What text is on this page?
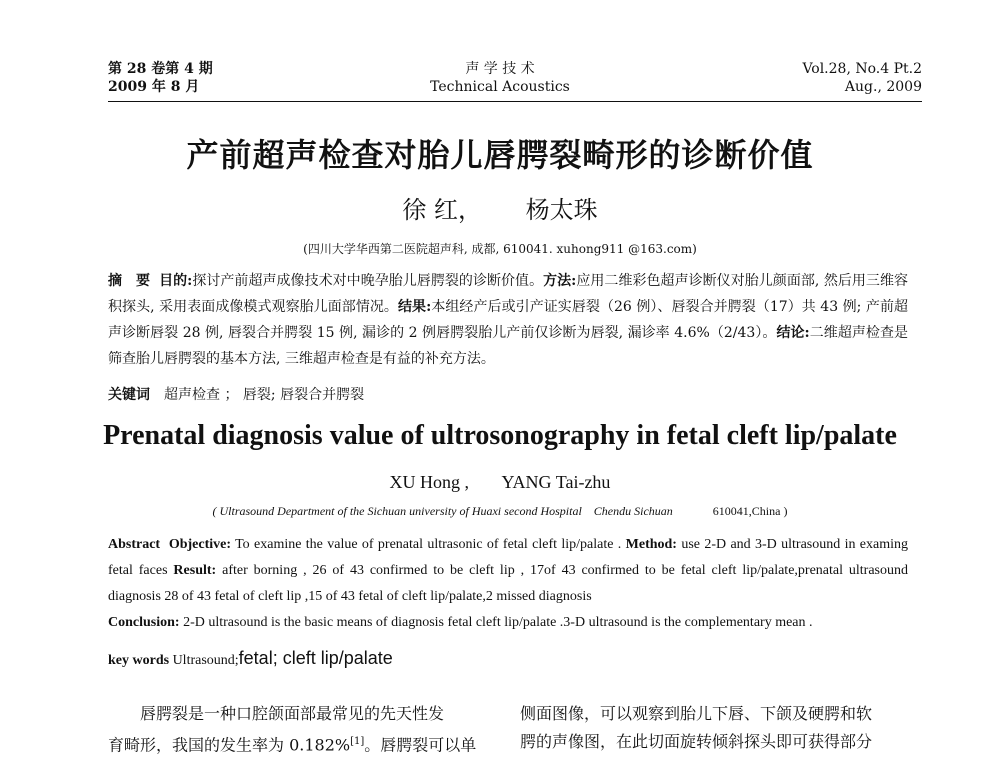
第 28 卷第 4 期
2009 年 8 月
声 学 技 术
Technical Acoustics
Vol.28, No.4 Pt.2
Aug., 2009
产前超声检查对胎儿唇腭裂畸形的诊断价值
徐 红， 杨太珠
(四川大学华西第二医院超声科, 成都, 610041. xuhong911 @163.com)
摘　要 目的:探讨产前超声成像技术对中晚孕胎儿唇腭裂的诊断价值。方法:应用二维彩色超声诊断仪对胎儿颜面部, 然后用三维容积探头, 采用表面成像模式观察胎儿面部情况。结果:本组经产后或引产证实唇裂（26 例）、唇裂合并腭裂（17）共 43 例; 产前超声诊断唇裂 28 例, 唇裂合并腭裂 15 例, 漏诊的 2 例唇腭裂胎儿产前仅诊断为唇裂, 漏诊率 4.6%（2/43）。结论:二维超声检查是筛查胎儿唇腭裂的基本方法, 三维超声检查是有益的补充方法。
关键词 超声检查 ； 唇裂; 唇裂合并腭裂
Prenatal diagnosis value of ultrosonography in fetal cleft lip/palate
XU Hong , YANG Tai-zhu
( Ultrasound Department of the Sichuan university of Huaxi second Hospital　Chendu Sichuan	610041,China )
Abstract Objective: To examine the value of prenatal ultrasonic of fetal cleft lip/palate . Method: use 2-D and 3-D ultrasound in examing fetal faces Result: after borning , 26 of 43 confirmed to be cleft lip , 17of 43 confirmed to be fetal cleft lip/palate,prenatal ultrasound diagnosis 28 of 43 fetal of cleft lip ,15 of 43 fetal of cleft lip/palate,2 missed diagnosis
Conclusion: 2-D ultrasound is the basic means of diagnosis fetal cleft lip/palate .3-D ultrasound is the complementary mean .
key words Ultrasound;fetal; cleft lip/palate
唇腭裂是一种口腔颌面部最常见的先天性发
育畸形，我国的发生率为 0.182%[1]。唇腭裂可以单
侧面图像，可以观察到胎儿下唇、下颌及硬腭和软
腭的声像图，在此切面旋转倾斜探头即可获得部分
